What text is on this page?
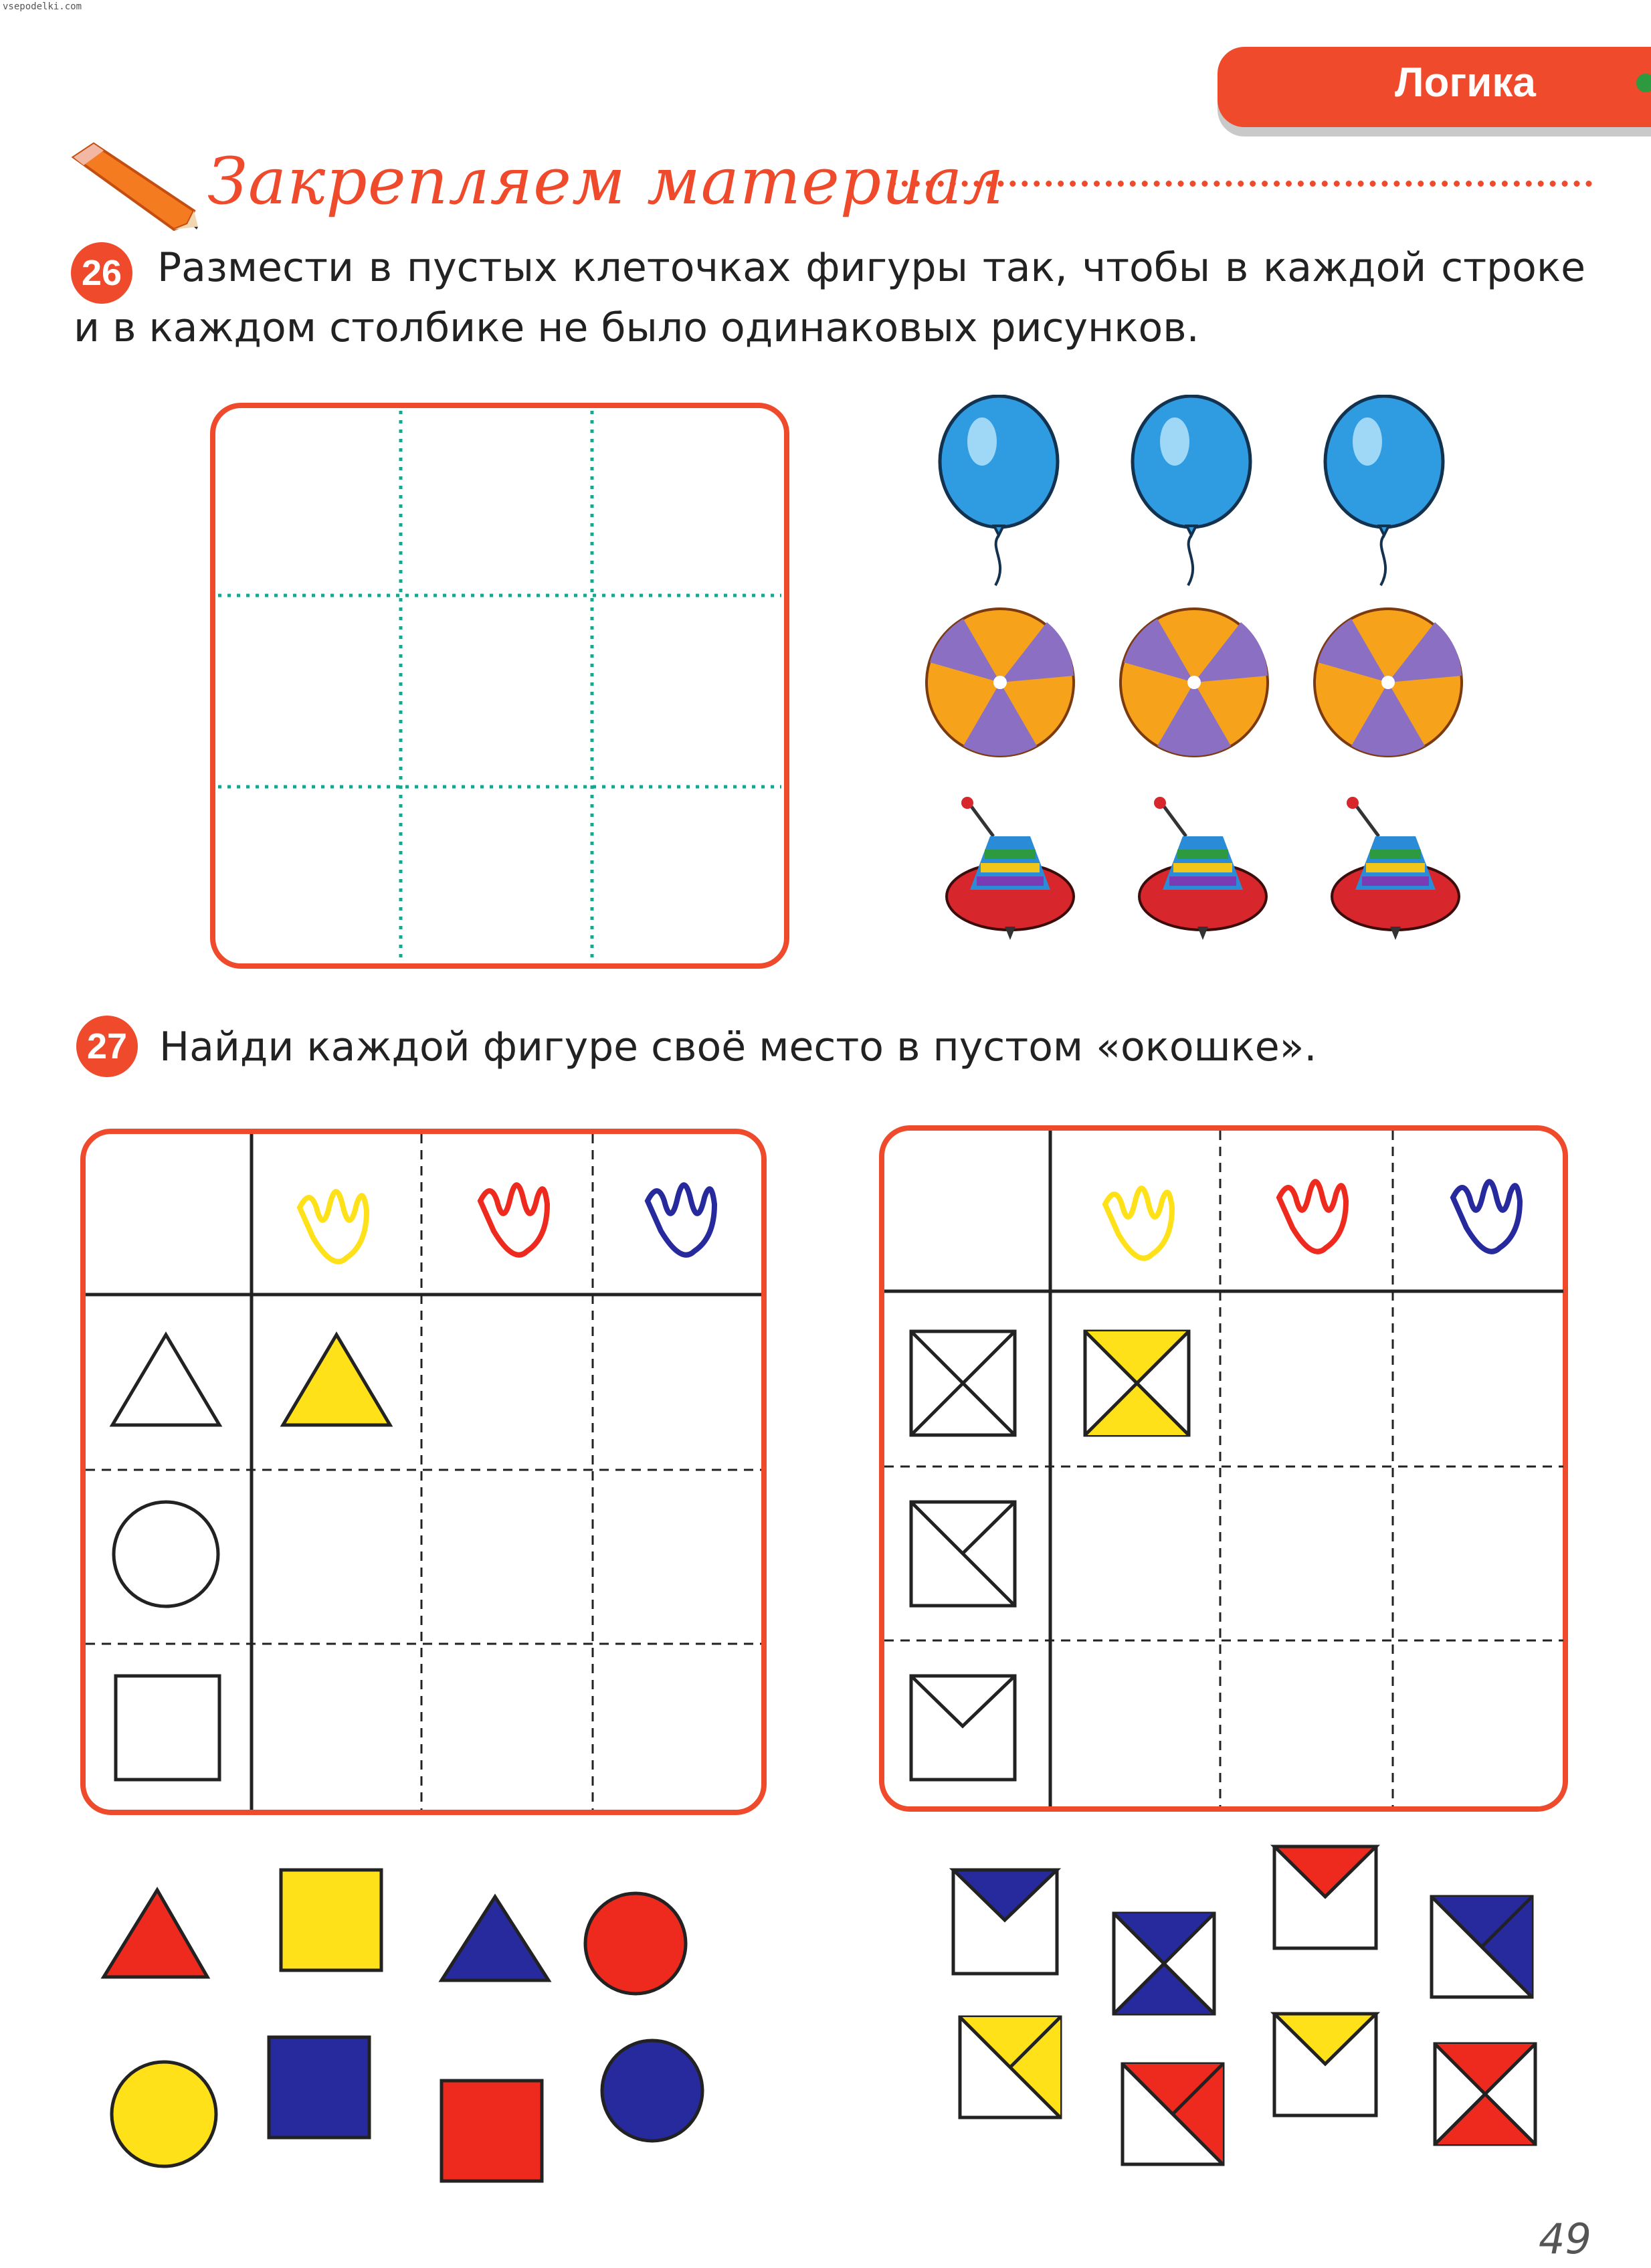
vsepodelki.com
Логика
Закрепляем материал
26 Размести в пустых клеточках фигуры так, чтобы в каждой строке и в каждом столбике не было одинаковых рисунков.
27 Найди каждой фигуре своё место в пустом «окошке».
49
